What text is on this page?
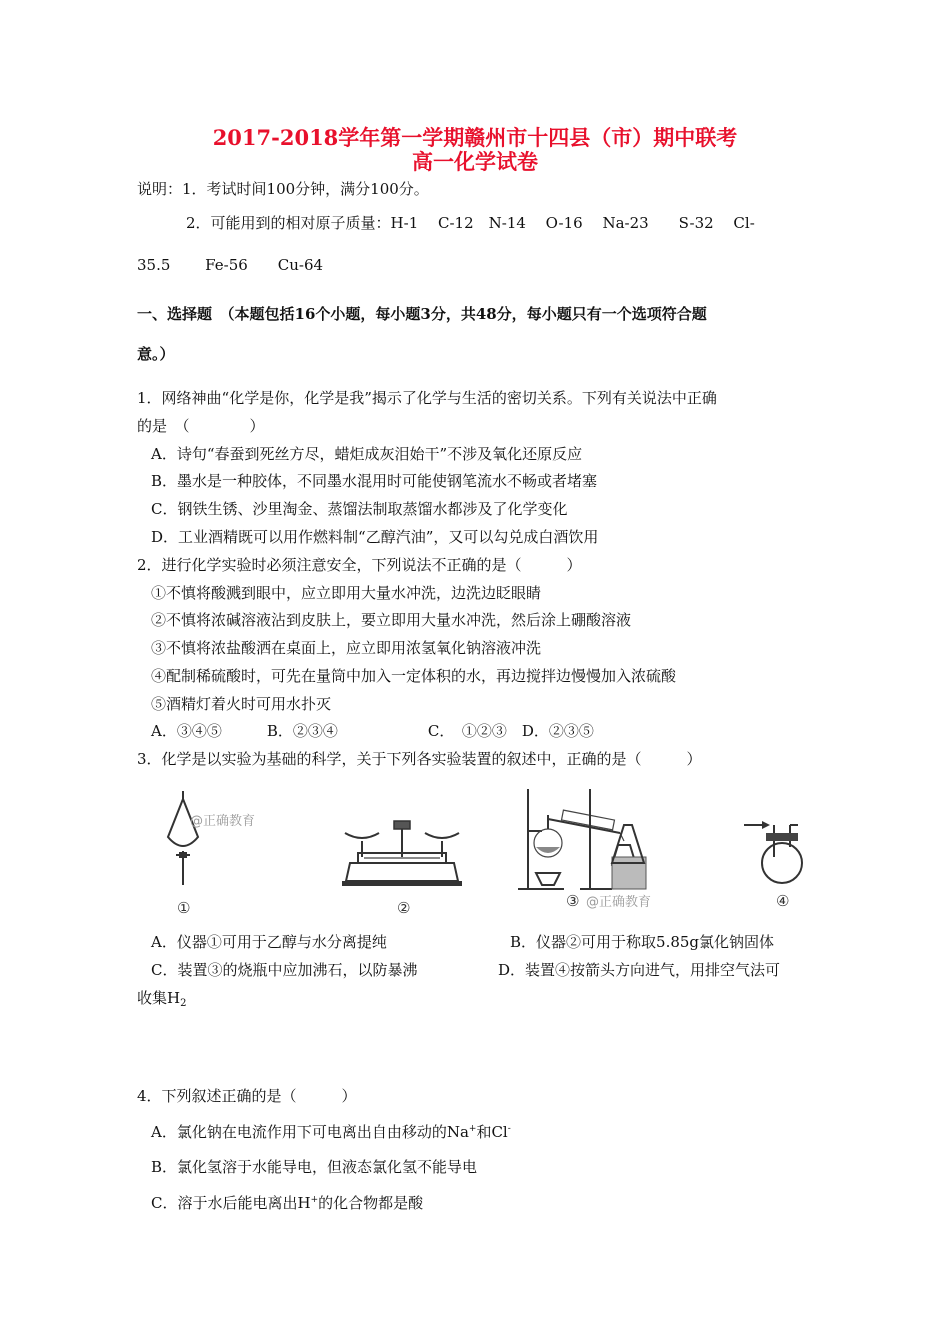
2017-2018学年第一学期赣州市十四县（市）期中联考
高一化学试卷
说明：1．考试时间100分钟，满分100分。
2．可能用到的相对原子质量：H-1　 C-12　N-14　 O-16　 Na-23　　S-32　 Cl-
35.5　　 Fe-56　　Cu-64
一、选择题　（本题包括16个小题，每小题3分，共48分，每小题只有一个选项符合题
意。）
1．网络神曲“化学是你，化学是我”揭示了化学与生活的密切关系。下列有关说法中正确
的是　（　　　　）
A．诗句“春蚕到死丝方尽，蜡炬成灰泪始干”不涉及氧化还原反应
B．墨水是一种胶体，不同墨水混用时可能使钢笔流水不畅或者堵塞
C．钢铁生锈、沙里淘金、蒸馏法制取蒸馏水都涉及了化学变化
D．工业酒精既可以用作燃料制“乙醇汽油”，又可以勾兑成白酒饮用
2．进行化学实验时必须注意安全，下列说法不正确的是（　　　）
①不慎将酸溅到眼中，应立即用大量水冲洗，边洗边眨眼睛
②不慎将浓碱溶液沾到皮肤上，要立即用大量水冲洗，然后涂上硼酸溶液
③不慎将浓盐酸洒在桌面上，应立即用浓氢氧化钠溶液冲洗
④配制稀硫酸时，可先在量筒中加入一定体积的水，再边搅拌边慢慢加入浓硫酸
⑤酒精灯着火时可用水扑灭
A．③④⑤　　　B．②③④　　　　　　C．　①②③　D．②③⑤
3．化学是以实验为基础的科学，关于下列各实验装置的叙述中，正确的是（　　　）
@正确教育
①	②	@正确教育
③	④
A．仪器①可用于乙醇与水分离提纯	B．仪器②可用于称取5.85g氯化钠固体
C．装置③的烧瓶中应加沸石，以防暴沸	D．装置④按箭头方向进气，用排空气法可
收集$H_2$
4．下列叙述正确的是（　　　）
A．氯化钠在电流作用下可电离出自由移动的Na+和Cl-
B．氯化氢溶于水能导电，但液态氯化氢不能导电
C．溶于水后能电离出H+的化合物都是酸
